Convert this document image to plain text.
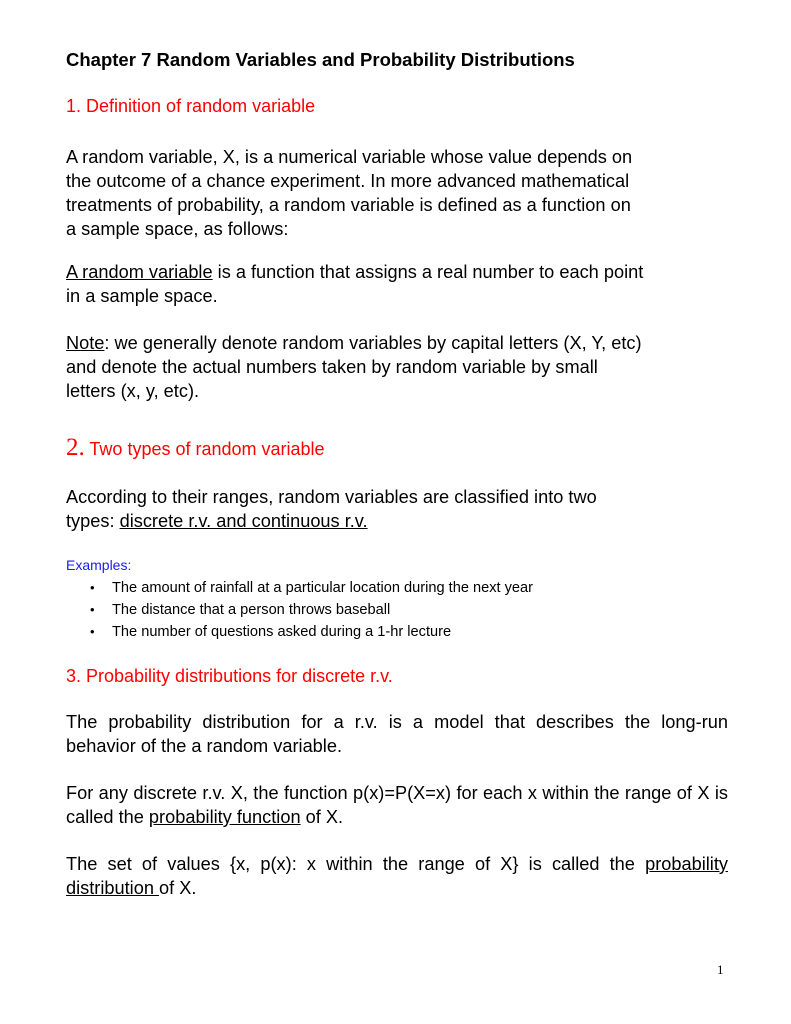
Chapter 7 Random Variables and Probability Distributions
1. Definition of random variable
A random variable, X, is a numerical variable whose value depends on
the outcome of a chance experiment. In more advanced mathematical
treatments of probability, a random variable is defined as a function on
a sample space, as follows:
A random variable is a function that assigns a real number to each point
in a sample space.
Note: we generally denote random variables by capital letters (X, Y, etc)
and denote the actual numbers taken by random variable by small
letters (x, y, etc).
2. Two types of random variable
According to their ranges, random variables are classified into two
types: discrete r.v. and continuous r.v.
Examples:
• The amount of rainfall at a particular location during the next year
• The distance that a person throws baseball
• The number of questions asked during a 1-hr lecture
3. Probability distributions for discrete r.v.
The probability distribution for a r.v. is a model that describes the long-run behavior of the a random variable.
For any discrete r.v. X, the function p(x)=P(X=x) for each x within the range of X is called the probability function of X.
The set of values {x, p(x): x within the range of X} is called the probability distribution of X.
1
